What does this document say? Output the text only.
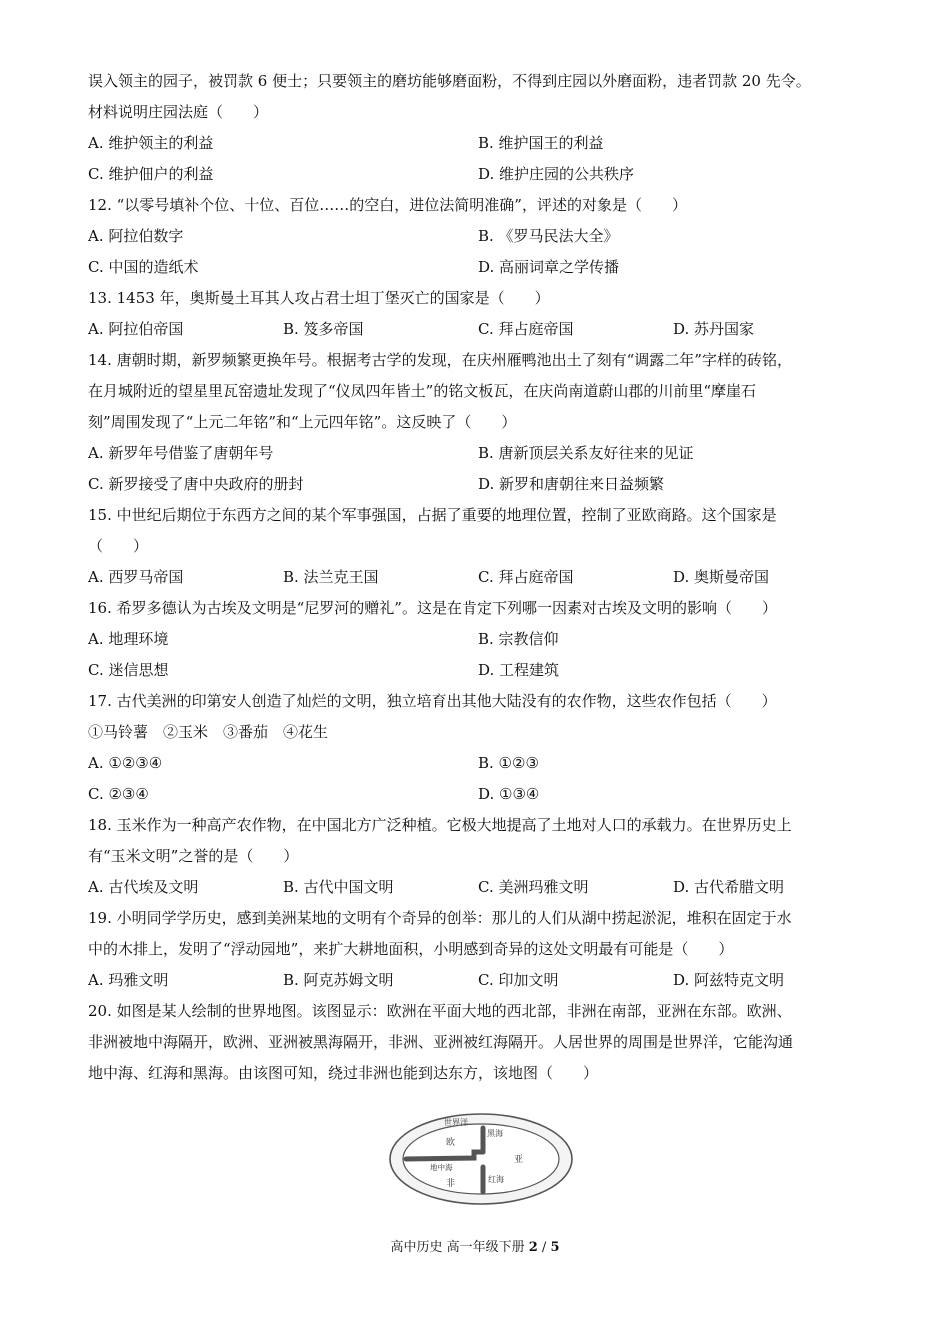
误入领主的园子，被罚款 6 便士；只要领主的磨坊能够磨面粉，不得到庄园以外磨面粉，违者罚款 20 先令。
材料说明庄园法庭（　　）
A. 维护领主的利益	B. 维护国王的利益
C. 维护佃户的利益	D. 维护庄园的公共秩序
12. “以零号填补个位、十位、百位……的空白，进位法简明准确”，评述的对象是（　　）
A. 阿拉伯数字	B. 《罗马民法大全》
C. 中国的造纸术	D. 高丽词章之学传播
13. 1453 年，奥斯曼土耳其人攻占君士坦丁堡灭亡的国家是（　　）
A. 阿拉伯帝国	B. 笈多帝国	C. 拜占庭帝国	D. 苏丹国家
14. 唐朝时期，新罗频繁更换年号。根据考古学的发现，在庆州雁鸭池出土了刻有“调露二年”字样的砖铭，
在月城附近的望星里瓦窑遗址发现了“仪凤四年皆土”的铭文板瓦，在庆尚南道蔚山郡的川前里“摩崖石
刻”周围发现了“上元二年铭”和“上元四年铭”。这反映了（　　）
A. 新罗年号借鉴了唐朝年号	B. 唐新顶层关系友好往来的见证
C. 新罗接受了唐中央政府的册封	D. 新罗和唐朝往来日益频繁
15. 中世纪后期位于东西方之间的某个军事强国，占据了重要的地理位置，控制了亚欧商路。这个国家是
（　　）
A. 西罗马帝国	B. 法兰克王国	C. 拜占庭帝国	D. 奥斯曼帝国
16. 希罗多德认为古埃及文明是“尼罗河的赠礼”。这是在肯定下列哪一因素对古埃及文明的影响（　　）
A. 地理环境	B. 宗教信仰
C. 迷信思想	D. 工程建筑
17. 古代美洲的印第安人创造了灿烂的文明，独立培育出其他大陆没有的农作物，这些农作包括（　　）
①马铃薯　②玉米　③番茄　④花生
A. ①②③④	B. ①②③
C. ②③④	D. ①③④
18. 玉米作为一种高产农作物，在中国北方广泛种植。它极大地提高了土地对人口的承载力。在世界历史上
有“玉米文明”之誉的是（　　）
A. 古代埃及文明	B. 古代中国文明	C. 美洲玛雅文明	D. 古代希腊文明
19. 小明同学学历史，感到美洲某地的文明有个奇异的创举：那儿的人们从湖中捞起淤泥，堆积在固定于水
中的木排上，发明了“浮动园地”，来扩大耕地面积，小明感到奇异的这处文明最有可能是（　　）
A. 玛雅文明	B. 阿克苏姆文明	C. 印加文明	D. 阿兹特克文明
20. 如图是某人绘制的世界地图。该图显示：欧洲在平面大地的西北部，非洲在南部，亚洲在东部。欧洲、
非洲被地中海隔开，欧洲、亚洲被黑海隔开，非洲、亚洲被红海隔开。人居世界的周围是世界洋，它能沟通
地中海、红海和黑海。由该图可知，绕过非洲也能到达东方，该地图（　　）
世界洋
欧
黑海
亚
地中海
非	红海
高中历史 高一年级下册 2 / 5
